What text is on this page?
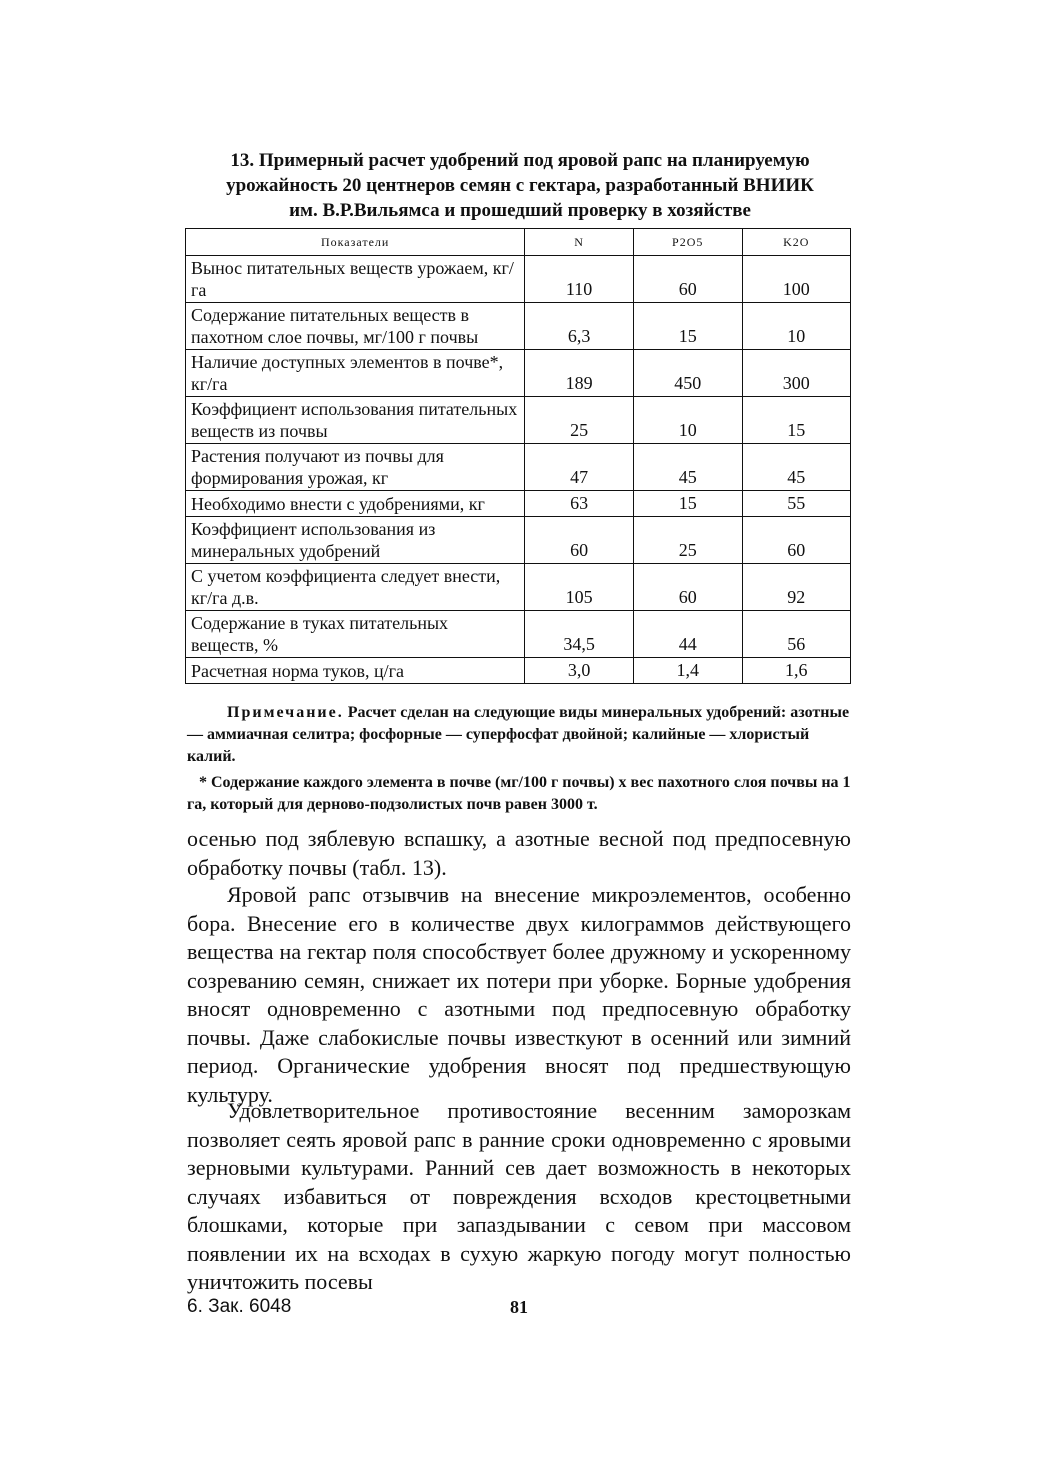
13. Примерный расчет удобрений под яровой рапс на планируемую
урожайность 20 центнеров семян с гектара, разработанный ВНИИК
им. В.Р.Вильямса и прошедший проверку в хозяйстве
Показатели	N	P2O5	K2O
Вынос питательных веществ урожаем, кг/га	110	60	100
Содержание питательных веществ в пахотном слое почвы, мг/100 г почвы	6,3	15	10
Наличие доступных элементов в почве*, кг/га	189	450	300
Коэффициент использования питательных веществ из почвы	25	10	15
Растения получают из почвы для формирования урожая, кг	47	45	45
Необходимо внести с удобрениями, кг	63	15	55
Коэффициент использования из минеральных удобрений	60	25	60
С учетом коэффициента следует внести, кг/га д.в.	105	60	92
Содержание в туках питательных веществ, %	34,5	44	56
Расчетная норма туков, ц/га	3,0	1,4	1,6
Примечание. Расчет сделан на следующие виды минеральных удобрений: азотные — аммиачная селитра; фосфорные — суперфосфат двойной; калийные — хлористый калий.
* Содержание каждого элемента в почве (мг/100 г почвы) х вес пахотного слоя почвы на 1 га, который для дерново-подзолистых почв равен 3000 т.
осенью под зяблевую вспашку, а азотные весной под предпосевную обработку почвы (табл. 13).
Яровой рапс отзывчив на внесение микроэлементов, особенно бора. Внесение его в количестве двух килограммов действующего вещества на гектар поля способствует более дружному и ускоренному созреванию семян, снижает их потери при уборке. Борные удобрения вносят одновременно с азотными под предпосевную обработку почвы. Даже слабокислые почвы известкуют в осенний или зимний период. Органические удобрения вносят под предшествующую культуру.
Удовлетворительное противостояние весенним заморозкам позволяет сеять яровой рапс в ранние сроки одновременно с яровыми зерновыми культурами. Ранний сев дает возможность в некоторых случаях избавиться от повреждения всходов крестоцветными блошками, которые при запаздывании с севом при массовом появлении их на всходах в сухую жаркую погоду могут полностью уничтожить посевы
6. Зак. 6048	81
